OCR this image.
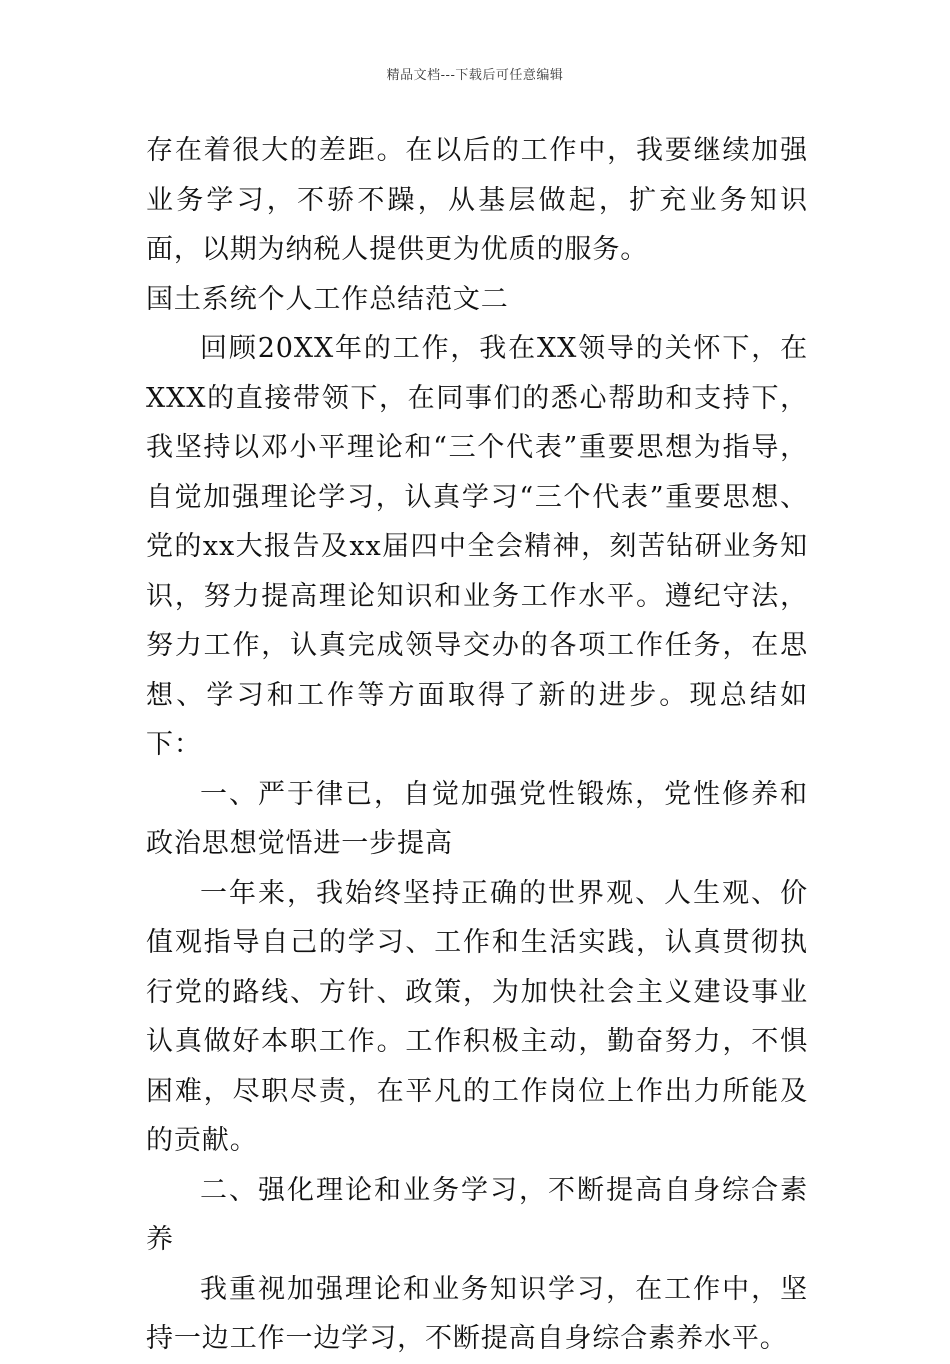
精品文档---下载后可任意编辑

存在着很大的差距。在以后的工作中，我要继续加强业务学习，不骄不躁，从基层做起，扩充业务知识面，以期为纳税人提供更为优质的服务。

国土系统个人工作总结范文二

回顾20XX年的工作，我在XX领导的关怀下，在XXX的直接带领下，在同事们的悉心帮助和支持下，我坚持以邓小平理论和“三个代表”重要思想为指导，自觉加强理论学习，认真学习“三个代表”重要思想、党的xx大报告及xx届四中全会精神，刻苦钻研业务知识，努力提高理论知识和业务工作水平。遵纪守法，努力工作，认真完成领导交办的各项工作任务，在思想、学习和工作等方面取得了新的进步。现总结如下：

一、严于律已，自觉加强党性锻炼，党性修养和政治思想觉悟进一步提高

一年来，我始终坚持正确的世界观、人生观、价值观指导自己的学习、工作和生活实践，认真贯彻执行党的路线、方针、政策，为加快社会主义建设事业认真做好本职工作。工作积极主动，勤奋努力，不惧困难，尽职尽责，在平凡的工作岗位上作出力所能及的贡献。

二、强化理论和业务学习，不断提高自身综合素养

我重视加强理论和业务知识学习，在工作中，坚持一边工作一边学习，不断提高自身综合素养水平。
